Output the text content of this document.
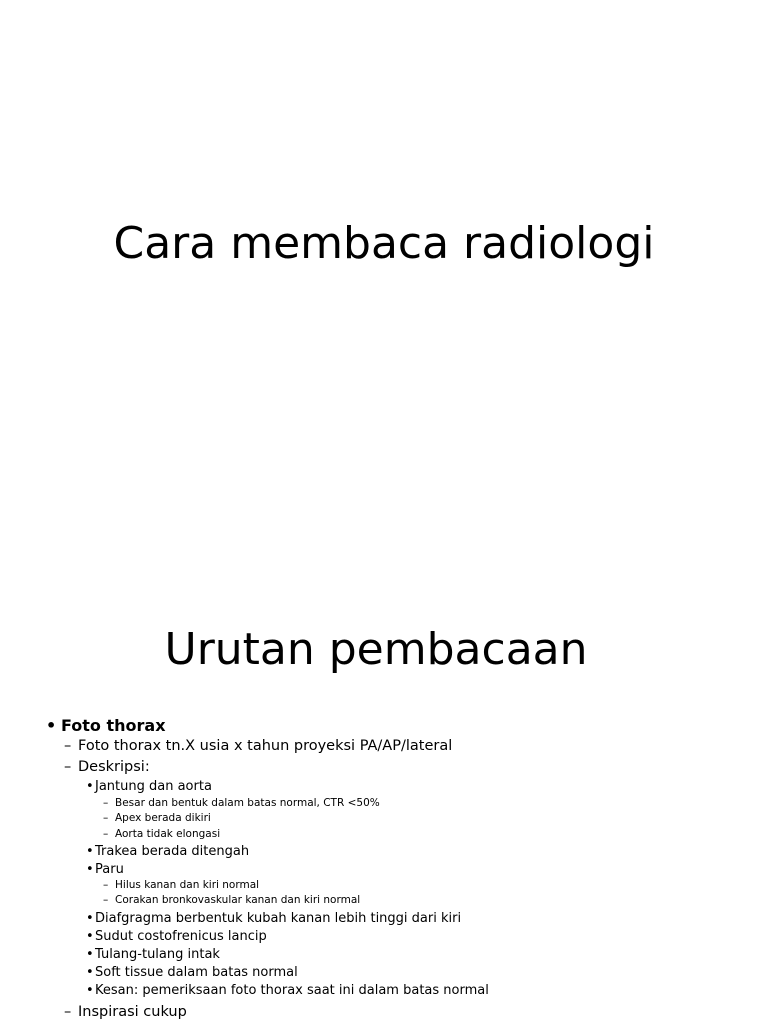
Cara membaca radiologi
Urutan pembacaan
• Foto thorax
– Foto thorax tn.X usia x tahun proyeksi PA/AP/lateral
– Deskripsi:
•Jantung dan aorta
– Besar dan bentuk dalam batas normal, CTR <50%
– Apex berada dikiri
– Aorta tidak elongasi
•Trakea berada ditengah
•Paru
– Hilus kanan dan kiri normal
– Corakan bronkovaskular kanan dan kiri normal
•Diafgragma berbentuk kubah kanan lebih tinggi dari kiri
•Sudut costofrenicus lancip
•Tulang-tulang intak
•Soft tissue dalam batas normal
•Kesan: pemeriksaan foto thorax saat ini dalam batas normal
– Inspirasi cukup
